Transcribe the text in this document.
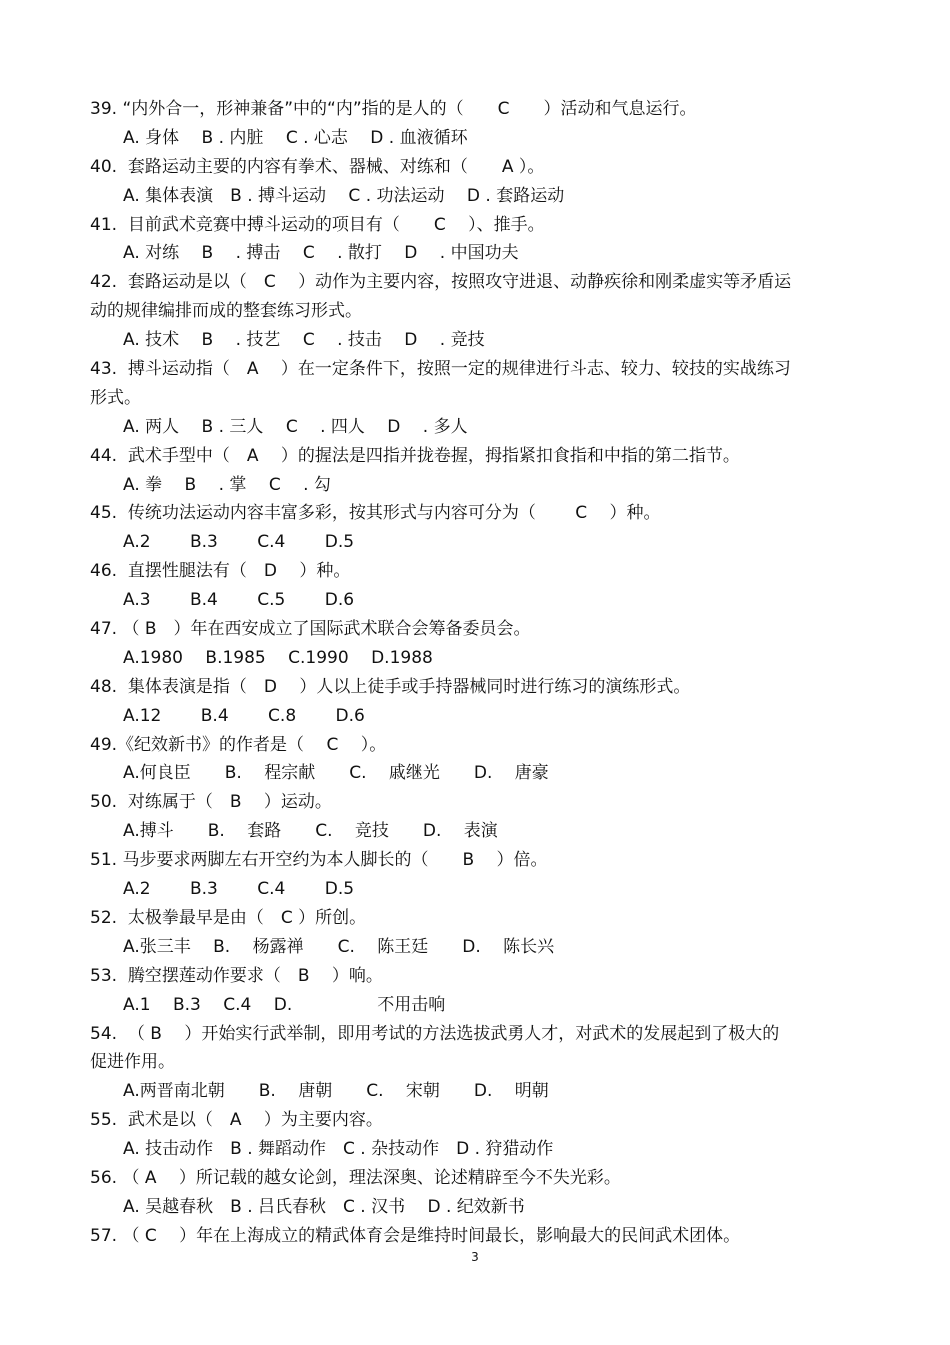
39. “内外合一，形神兼备”中的“内”指的是人的（　　C　　）活动和气息运行。
A. 身体　 B . 内脏　 C . 心志　 D . 血液循环
40.  套路运动主要的内容有拳术、器械、对练和（　　A ）。
A. 集体表演　B . 搏斗运动　 C . 功法运动　 D . 套路运动
41.  目前武术竞赛中搏斗运动的项目有（　　C　 ）、推手。
A. 对练　 B　 . 搏击　 C　 . 散打　 D　 . 中国功夫
42.  套路运动是以（　C　 ）动作为主要内容，按照攻守进退、动静疾徐和刚柔虚实等矛盾运
动的规律编排而成的整套练习形式。
A. 技术　 B　 . 技艺　 C　 . 技击　 D　 . 竞技
43.  搏斗运动指（　A　 ）在一定条件下，按照一定的规律进行斗志、较力、较技的实战练习
形式。
A. 两人　 B . 三人　 C　 . 四人　 D　 . 多人
44.  武术手型中（　A　 ）的握法是四指并拢卷握，拇指紧扣食指和中指的第二指节。
A. 拳　 B　 . 掌　 C　 . 勾
45.  传统功法运动内容丰富多彩，按其形式与内容可分为（　　 C　 ）种。
A.2　　 B.3　　 C.4　　 D.5
46.  直摆性腿法有（　D　 ）种。
A.3　　 B.4　　 C.5　　 D.6
47. （ B　）年在西安成立了国际武术联合会筹备委员会。
A.1980　 B.1985　 C.1990　 D.1988
48.  集体表演是指（　D　 ）人以上徒手或手持器械同时进行练习的演练形式。
A.12　　 B.4　　 C.8　　 D.6
49.《纪效新书》的作者是（　 C　 ）。
A.何良臣　　B.　 程宗献　　C.　 戚继光　　D.　 唐豪
50.  对练属于（　B　 ）运动。
A.搏斗　　B.　 套路　　C.　 竞技　　D.　 表演
51. 马步要求两脚左右开空约为本人脚长的（　　B　 ）倍。
A.2　　 B.3　　 C.4　　 D.5
52.  太极拳最早是由（　C ）所创。
A.张三丰　 B.　 杨露禅　　C.　 陈王廷　　D.　 陈长兴
53.  腾空摆莲动作要求（　B　 ）响。
A.1　 B.3　 C.4　 D.　　　　　不用击响
54.  （ B　 ）开始实行武举制，即用考试的方法选拔武勇人才，对武术的发展起到了极大的
促进作用。
A.两晋南北朝　　B.　 唐朝　　C.　 宋朝　　D.　 明朝
55.  武术是以（　A　 ）为主要内容。
A. 技击动作　B . 舞蹈动作　C . 杂技动作　D . 狩猎动作
56. （ A　 ）所记载的越女论剑，理法深奥、论述精辟至今不失光彩。
A. 吴越春秋　B . 吕氏春秋　C . 汉书　 D . 纪效新书
57. （ C　 ）年在上海成立的精武体育会是维持时间最长，影响最大的民间武术团体。
3
